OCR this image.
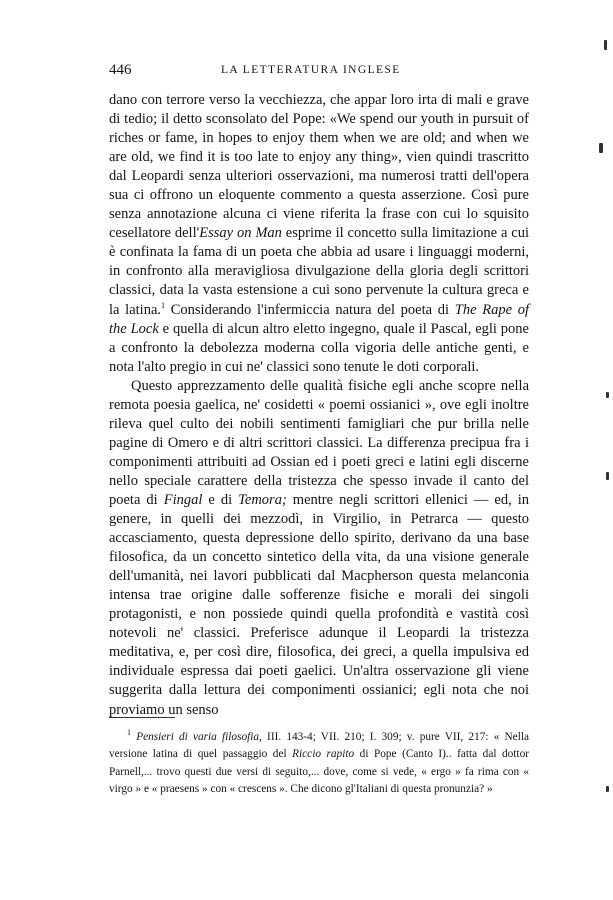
446	LA LETTERATURA INGLESE

dano con terrore verso la vecchiezza, che appar loro irta di mali e grave di tedio; il detto sconsolato del Pope: «We spend our youth in pursuit of riches or fame, in hopes to enjoy them when we are old; and when we are old, we find it is too late to enjoy any thing», vien quindi trascritto dal Leopardi senza ulteriori osservazioni, ma numerosi tratti dell'opera sua ci offrono un eloquente commento a questa asserzione. Così pure senza annotazione alcuna ci viene riferita la frase con cui lo squisito cesellatore dell'Essay on Man esprime il concetto sulla limitazione a cui è confinata la fama di un poeta che abbia ad usare i linguaggi moderni, in confronto alla meravigliosa divulgazione della gloria degli scrittori classici, data la vasta estensione a cui sono pervenute la cultura greca e la latina.$^1$ Considerando l'infermiccia natura del poeta di The Rape of the Lock e quella di alcun altro eletto ingegno, quale il Pascal, egli pone a confronto la debolezza moderna colla vigoria delle antiche genti, e nota l'alto pregio in cui ne' classici sono tenute le doti corporali.

Questo apprezzamento delle qualità fisiche egli anche scopre nella remota poesia gaelica, ne' cosidetti « poemi ossianici », ove egli inoltre rileva quel culto dei nobili sentimenti famigliari che pur brilla nelle pagine di Omero e di altri scrittori classici. La differenza precipua fra i componimenti attribuiti ad Ossian ed i poeti greci e latini egli discerne nello speciale carattere della tristezza che spesso invade il canto del poeta di Fingal e di Temora; mentre negli scrittori ellenici — ed, in genere, in quelli dei mezzodì, in Virgilio, in Petrarca — questo accasciamento, questa depressione dello spirito, derivano da una base filosofica, da un concetto sintetico della vita, da una visione generale dell'umanità, nei lavori pubblicati dal Macpherson questa melanconia intensa trae origine dalle sofferenze fisiche e morali dei singoli protagonisti, e non possiede quindi quella profondità e vastità così notevoli ne' classici. Preferisce adunque il Leopardi la tristezza meditativa, e, per così dire, filosofica, dei greci, a quella impulsiva ed individuale espressa dai poeti gaelici. Un'altra osservazione gli viene suggerita dalla lettura dei componimenti ossianici; egli nota che noi proviamo un senso

$^1$ Pensieri di varia filosofia, III. 143-4; VII. 210; I. 309; v. pure VII, 217: « Nella versione latina di quel passaggio del Riccio rapito di Pope (Canto I).. fatta dal dottor Parnell,... trovo questi due versi di seguito,... dove, come si vede, « ergo » fa rima con « virgo » e « praesens » con « crescens ». Che dicono gl'Italiani di questa pronunzia? »
